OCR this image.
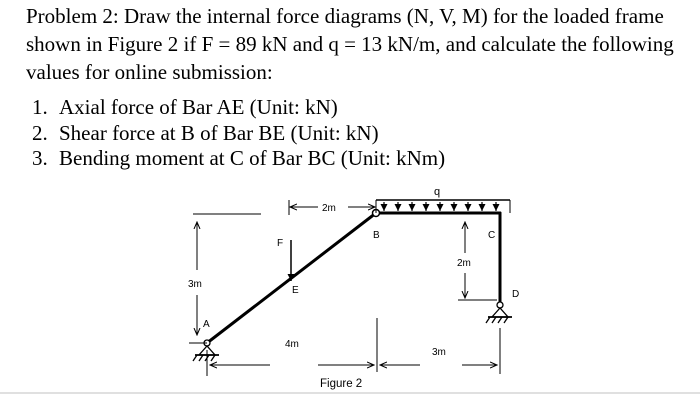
Problem 2: Draw the internal force diagrams (N, V, M) for the loaded frame shown in Figure 2 if F = 89 kN and q = 13 kN/m, and calculate the following values for online submission:

1. Axial force of Bar AE (Unit: kN)
2. Shear force at B of Bar BE (Unit: kN)
3. Bending moment at C of Bar BC (Unit: kNm)
F
E
q
A
B	C
D
2m
3m
4m
3m
2m
Figure 2
